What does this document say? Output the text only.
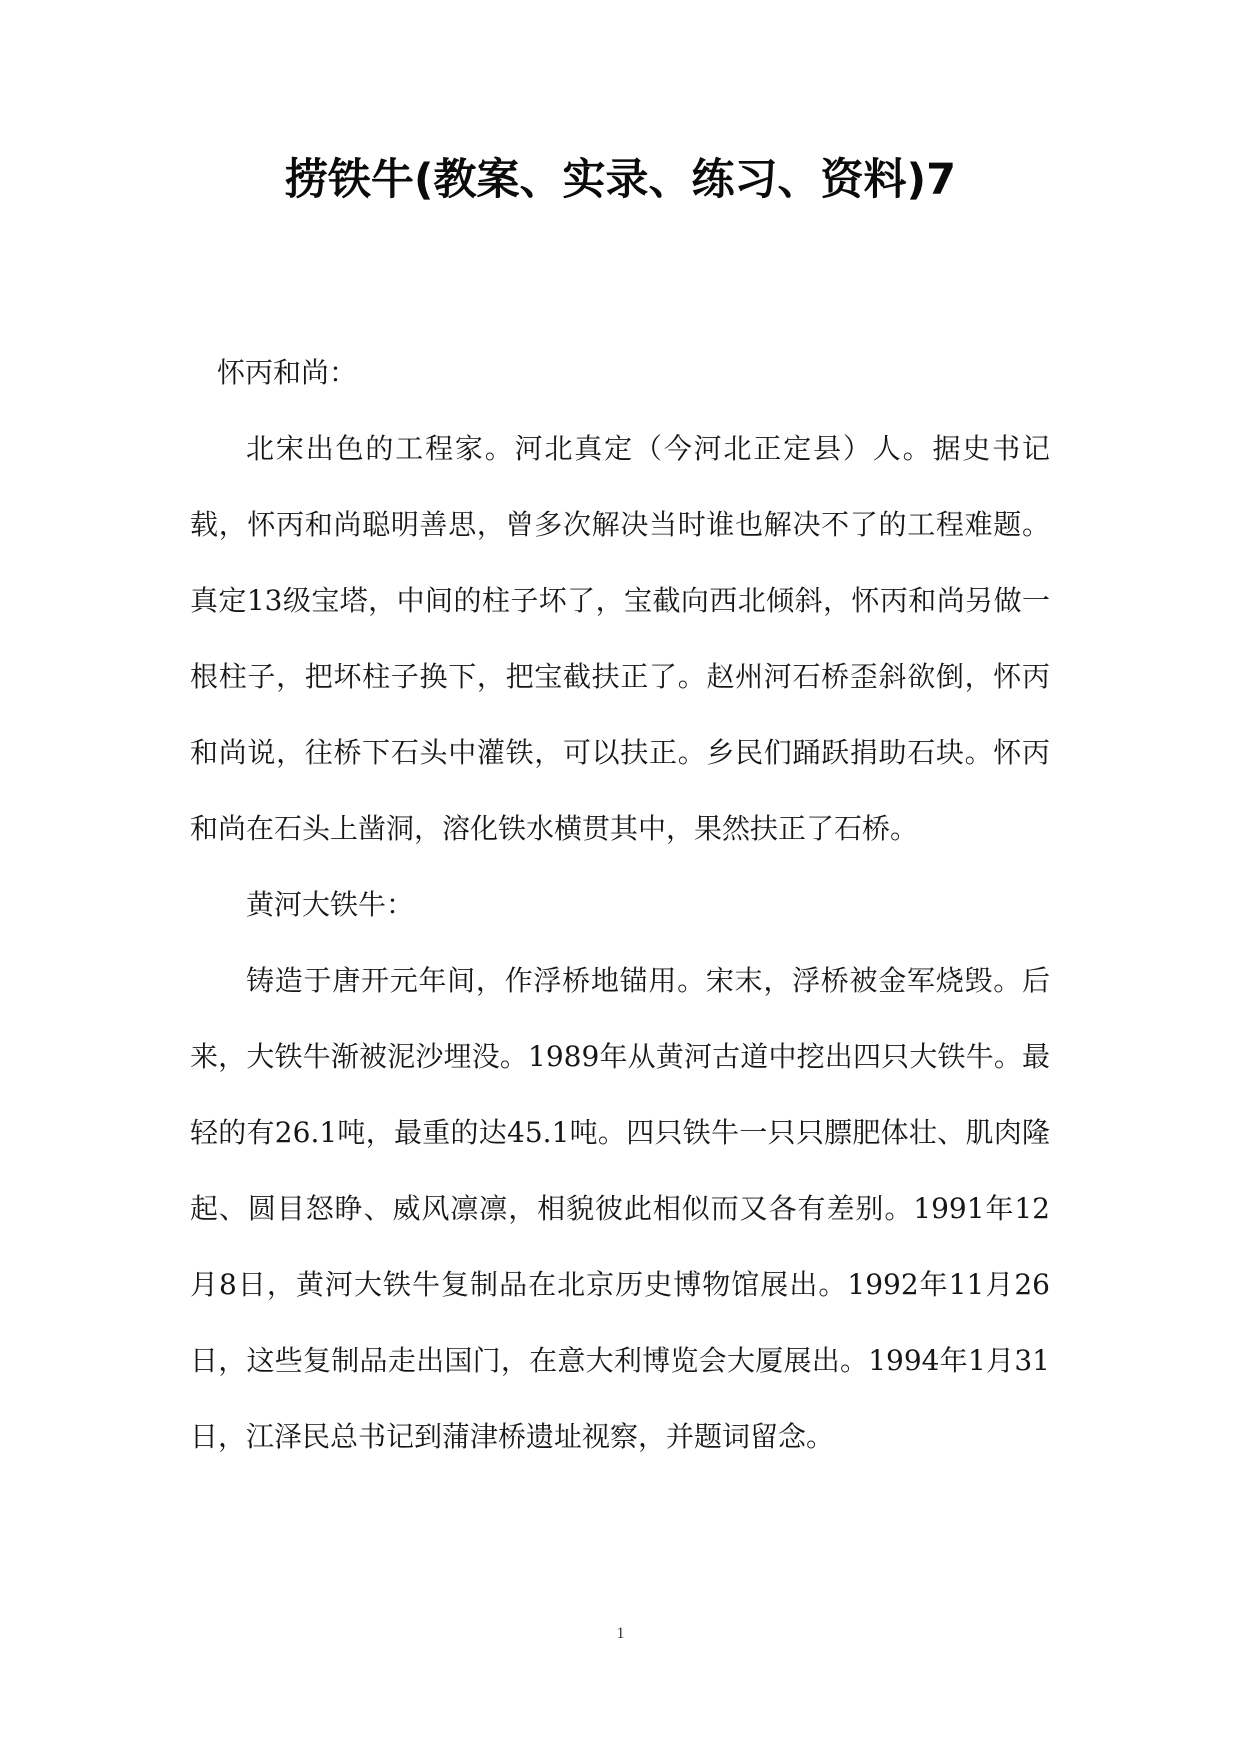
捞铁牛(教案、实录、练习、资料)7

怀丙和尚：

北宋出色的工程家。河北真定（今河北正定县）人。据史书记载，怀丙和尚聪明善思，曾多次解决当时谁也解决不了的工程难题。真定13级宝塔，中间的柱子坏了，宝截向西北倾斜，怀丙和尚另做一根柱子，把坏柱子换下，把宝截扶正了。赵州河石桥歪斜欲倒，怀丙和尚说，往桥下石头中灌铁，可以扶正。乡民们踊跃捐助石块。怀丙和尚在石头上凿洞，溶化铁水横贯其中，果然扶正了石桥。

黄河大铁牛：

铸造于唐开元年间，作浮桥地锚用。宋末，浮桥被金军烧毁。后来，大铁牛渐被泥沙埋没。1989年从黄河古道中挖出四只大铁牛。最轻的有26.1吨，最重的达45.1吨。四只铁牛一只只膘肥体壮、肌肉隆起、圆目怒睁、威风凛凛，相貌彼此相似而又各有差别。1991年12月8日，黄河大铁牛复制品在北京历史博物馆展出。1992年11月26日，这些复制品走出国门，在意大利博览会大厦展出。1994年1月31日，江泽民总书记到蒲津桥遗址视察，并题词留念。

1
